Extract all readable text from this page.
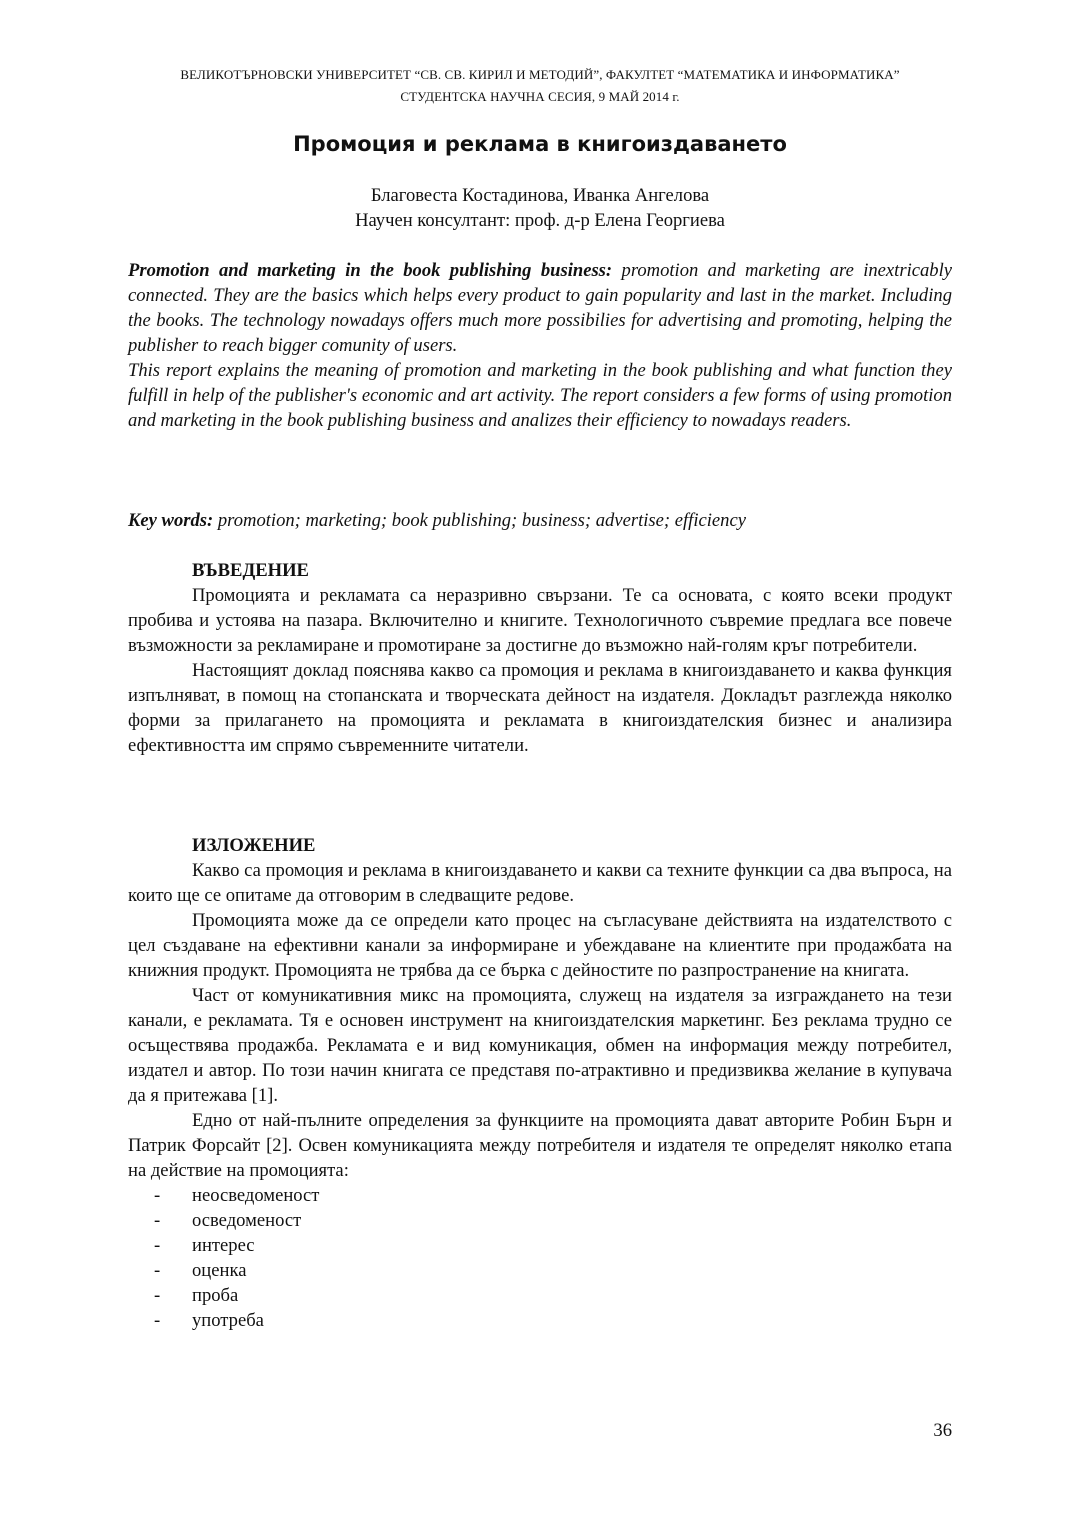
ВЕЛИКОТЪРНОВСКИ УНИВЕРСИТЕТ “СВ. СВ. КИРИЛ И МЕТОДИЙ”, ФАКУЛТЕТ “МАТЕМАТИКА И ИНФОРМАТИКА”
СТУДЕНТСКА НАУЧНА СЕСИЯ, 9 МАЙ 2014 г.
Промоция и реклама в книгоиздаването
Благовеста Костадинова, Иванка Ангелова
Научен консултант: проф. д-р Елена Георгиева

Promotion and marketing in the book publishing business: promotion and marketing are inextricably connected. They are the basics which helps every product to gain popularity and last in the market. Including the books. The technology nowadays offers much more possibilies for advertising and promoting, helping the publisher to reach bigger comunity of users.

This report explains the meaning of promotion and marketing in the book publishing and what function they fulfill in help of the publisher's economic and art activity. The report considers a few forms of using promotion and marketing in the book publishing business and analizes their efficiency to nowadays readers.

Key words: promotion; marketing; book publishing; business; advertise; efficiency
ВЪВЕДЕНИЕ

Промоцията и рекламата са неразривно свързани. Те са основата, с която всеки продукт пробива и устоява на пазара. Включително и книгите. Технологичното съвремие предлага все повече възможности за рекламиране и промотиране за достигне до възможно най-голям кръг потребители.

Настоящият доклад пояснява какво са промоция и реклама в книгоиздаването и каква функция изпълняват, в помощ на стопанската и творческата дейност на издателя. Докладът разглежда няколко форми за прилагането на промоцията и рекламата в книгоиздателския бизнес и анализира ефективността им спрямо съвременните читатели.

ИЗЛОЖЕНИЕ

Какво са промоция и реклама в книгоиздаването и какви са техните функции са два въпроса, на които ще се опитаме да отговорим в следващите редове.

Промоцията може да се определи като процес на съгласуване действията на издателството с цел създаване на ефективни канали за информиране и убеждаване на клиентите при продажбата на книжния продукт. Промоцията не трябва да се бърка с дейностите по разпространение на книгата.

Част от комуникативния микс на промоцията, служещ на издателя за изграждането на тези канали, е рекламата. Тя е основен инструмент на книгоиздателския маркетинг. Без реклама трудно се осъществява продажба. Рекламата е и вид комуникация, обмен на информация между потребител, издател и автор. По този начин книгата се представя по-атрактивно и предизвиква желание в купувача да я притежава [1].

Едно от най-пълните определения за функциите на промоцията дават авторите Робин Бърн и Патрик Форсайт [2]. Освен комуникацията между потребителя и издателя те определят няколко етапа на действие на промоцията:

- неосведоменост
- осведоменост
- интерес
- оценка
- проба
- употреба
36
